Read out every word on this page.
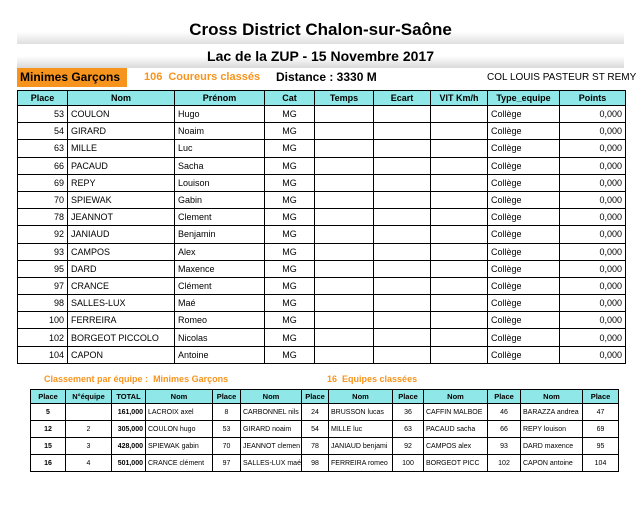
Cross District Chalon-sur-Saône
Lac de la ZUP - 15 Novembre 2017
Minimes Garçons	106 Coureurs classés Distance : 3330 M	COL LOUIS PASTEUR ST REMY
Place	Nom	Prénom	Cat	Temps	Ecart	VIT Km/h	Type_equipe	Points
53	COULON	Hugo	MG				Collège	0,000
54	GIRARD	Noaim	MG				Collège	0,000
63	MILLE	Luc	MG				Collège	0,000
66	PACAUD	Sacha	MG				Collège	0,000
69	REPY	Louison	MG				Collège	0,000
70	SPIEWAK	Gabin	MG				Collège	0,000
78	JEANNOT	Clement	MG				Collège	0,000
92	JANIAUD	Benjamin	MG				Collège	0,000
93	CAMPOS	Alex	MG				Collège	0,000
95	DARD	Maxence	MG				Collège	0,000
97	CRANCE	Clément	MG				Collège	0,000
98	SALLES-LUX	Maé	MG				Collège	0,000
100	FERREIRA	Romeo	MG				Collège	0,000
102	BORGEOT PICCOLO	Nicolas	MG				Collège	0,000
104	CAPON	Antoine	MG				Collège	0,000
Classement par équipe : Minimes Garçons	16 Equipes classées
Place	N°équipe	TOTAL	Nom	Place	Nom	Place	Nom	Place	Nom	Place	Nom	Place
5		161,000	LACROIX axel	8	CARBONNEL nils	24	BRUSSON lucas	36	CAFFIN MALBOE	46	BARAZZA andrea	47
12	2	305,000	COULON hugo	53	GIRARD noaim	54	MILLE luc	63	PACAUD sacha	66	REPY louison	69
15	3	428,000	SPIEWAK gabin	70	JEANNOT clemen	78	JANIAUD benjami	92	CAMPOS alex	93	DARD maxence	95
16	4	501,000	CRANCE clément	97	SALLES-LUX maé	98	FERREIRA romeo	100	BORGEOT PICC	102	CAPON antoine	104
